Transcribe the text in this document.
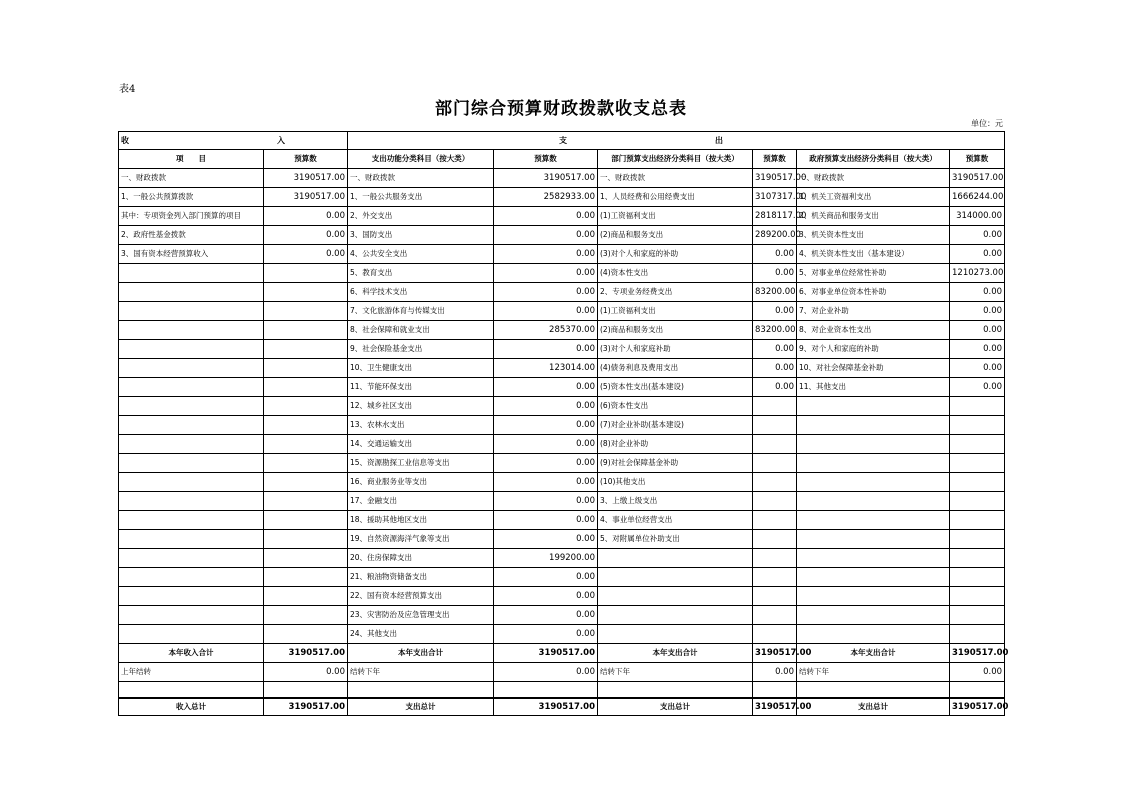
表4
部门综合预算财政拨款收支总表
单位：元
收　入		支　出					
项　　目	预算数	支出功能分类科目（按大类）	预算数	部门预算支出经济分类科目（按大类）	预算数	政府预算支出经济分类科目（按大类）	预算数
一、财政拨款	3190517.00	一、财政拨款	3190517.00	一、财政拨款	3190517.00	一、财政拨款	3190517.00
1、一般公共预算拨款	3190517.00	1、一般公共服务支出	2582933.00	1、人员经费和公用经费支出	3107317.00	1、机关工资福利支出	1666244.00
其中：专项资金列入部门预算的项目	0.00	2、外交支出	0.00	(1)工资福利支出	2818117.00	2、机关商品和服务支出	314000.00
2、政府性基金拨款	0.00	3、国防支出	0.00	(2)商品和服务支出	289200.00	3、机关资本性支出	0.00
3、国有资本经营预算收入	0.00	4、公共安全支出	0.00	(3)对个人和家庭的补助	0.00	4、机关资本性支出（基本建设）	0.00
		5、教育支出	0.00	(4)资本性支出	0.00	5、对事业单位经常性补助	1210273.00
		6、科学技术支出	0.00	2、专项业务经费支出	83200.00	6、对事业单位资本性补助	0.00
		7、文化旅游体育与传媒支出	0.00	(1)工资福利支出	0.00	7、对企业补助	0.00
		8、社会保障和就业支出	285370.00	(2)商品和服务支出	83200.00	8、对企业资本性支出	0.00
		9、社会保险基金支出	0.00	(3)对个人和家庭补助	0.00	9、对个人和家庭的补助	0.00
		10、卫生健康支出	123014.00	(4)债务利息及费用支出	0.00	10、对社会保障基金补助	0.00
		11、节能环保支出	0.00	(5)资本性支出(基本建设)	0.00	11、其他支出	0.00
		12、城乡社区支出	0.00	(6)资本性支出			
		13、农林水支出	0.00	(7)对企业补助(基本建设)			
		14、交通运输支出	0.00	(8)对企业补助			
		15、资源勘探工业信息等支出	0.00	(9)对社会保障基金补助			
		16、商业服务业等支出	0.00	(10)其他支出			
		17、金融支出	0.00	3、上缴上级支出			
		18、援助其他地区支出	0.00	4、事业单位经营支出			
		19、自然资源海洋气象等支出	0.00	5、对附属单位补助支出			
		20、住房保障支出	199200.00				
		21、粮油物资储备支出	0.00				
		22、国有资本经营预算支出	0.00				
		23、灾害防治及应急管理支出	0.00				
		24、其他支出	0.00				
本年收入合计	3190517.00	本年支出合计	3190517.00	本年支出合计	3190517.00	本年支出合计	3190517.00
上年结转	0.00	结转下年	0.00	结转下年	0.00	结转下年	0.00

收入总计	3190517.00	支出总计	3190517.00	支出总计	3190517.00	支出总计	3190517.00
